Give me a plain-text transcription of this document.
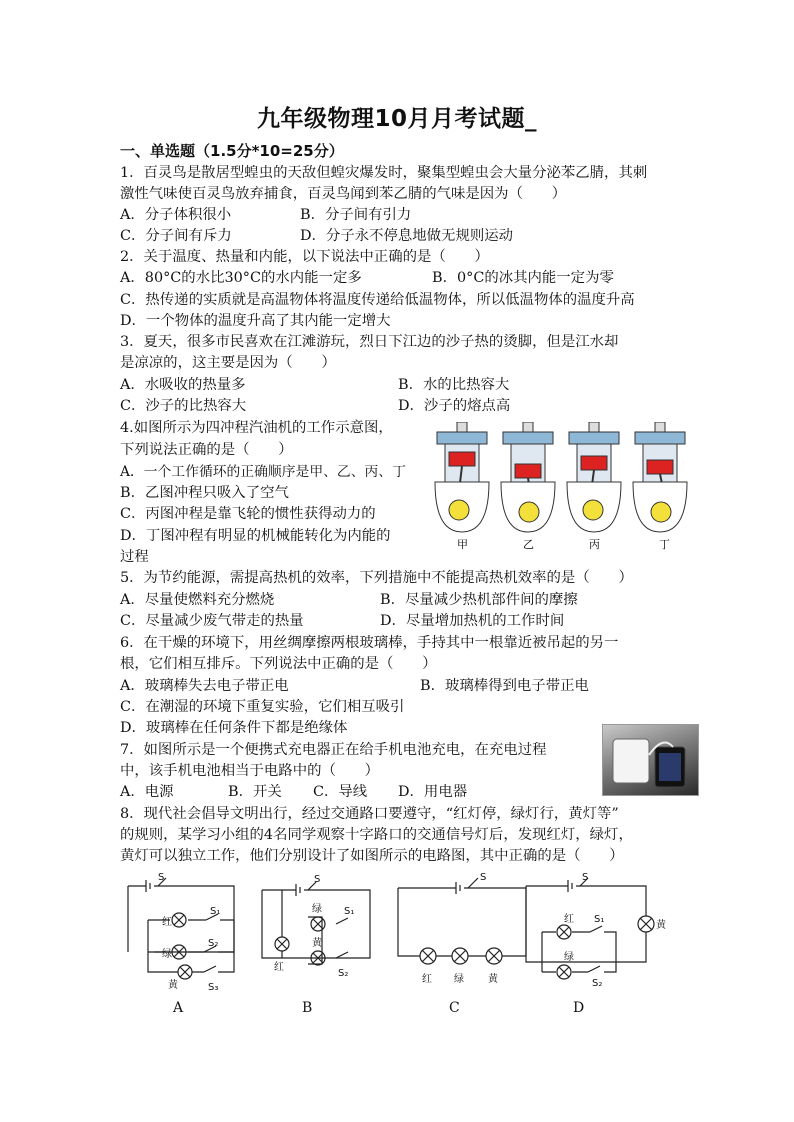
九年级物理10月月考试题_
一、单选题（1.5分*10=25分）
1．百灵鸟是散居型蝗虫的天敌但蝗灾爆发时，聚集型蝗虫会大量分泌苯乙腈，其刺
激性气味使百灵鸟放弃捕食，百灵鸟闻到苯乙腈的气味是因为（　　）
A．分子体积很小	B．分子间有引力
C．分子间有斥力	D．分子永不停息地做无规则运动
2．关于温度、热量和内能，以下说法中正确的是（　　）
A．80°C的水比30°C的水内能一定多	B．0°C的冰其内能一定为零
C．热传递的实质就是高温物体将温度传递给低温物体，所以低温物体的温度升高
D．一个物体的温度升高了其内能一定增大
3．夏天，很多市民喜欢在江滩游玩，烈日下江边的沙子热的烫脚，但是江水却
是凉凉的，这主要是因为（　　）
A．水吸收的热量多	B．水的比热容大
C．沙子的比热容大	D．沙子的熔点高
4.如图所示为四冲程汽油机的工作示意图，
下列说法正确的是（　　）
A．一个工作循环的正确顺序是甲、乙、丙、丁
B．乙图冲程只吸入了空气
C．丙图冲程是靠飞轮的惯性获得动力的
D．丁图冲程有明显的机械能转化为内能的
过程
甲	乙	丙	丁
5．为节约能源，需提高热机的效率，下列措施中不能提高热机效率的是（　　）
A．尽量使燃料充分燃烧	B．尽量减少热机部件间的摩擦
C．尽量减少废气带走的热量	D．尽量增加热机的工作时间
6．在干燥的环境下，用丝绸摩擦两根玻璃棒，手持其中一根靠近被吊起的另一
根，它们相互排斥。下列说法中正确的是（　　）
A．玻璃棒失去电子带正电	B．玻璃棒得到电子带正电
C．在潮湿的环境下重复实验，它们相互吸引
D．玻璃棒在任何条件下都是绝缘体
7．如图所示是一个便携式充电器正在给手机电池充电，在充电过程
中，该手机电池相当于电路中的（　　）
A．电源	B．开关 C．导线 D．用电器
8．现代社会倡导文明出行，经过交通路口要遵守，“红灯停，绿灯行，黄灯等”
的规则，某学习小组的4名同学观察十字路口的交通信号灯后，发现红灯，绿灯，
黄灯可以独立工作，他们分别设计了如图所示的电路图，其中正确的是（　　）
S
红
绿
黄
S₁
S₂
S₃
S
红
绿
黄
S₁
S₂
S
红 绿 黄
S
红
绿
黄
S₁
S₂
A	B	C	D
